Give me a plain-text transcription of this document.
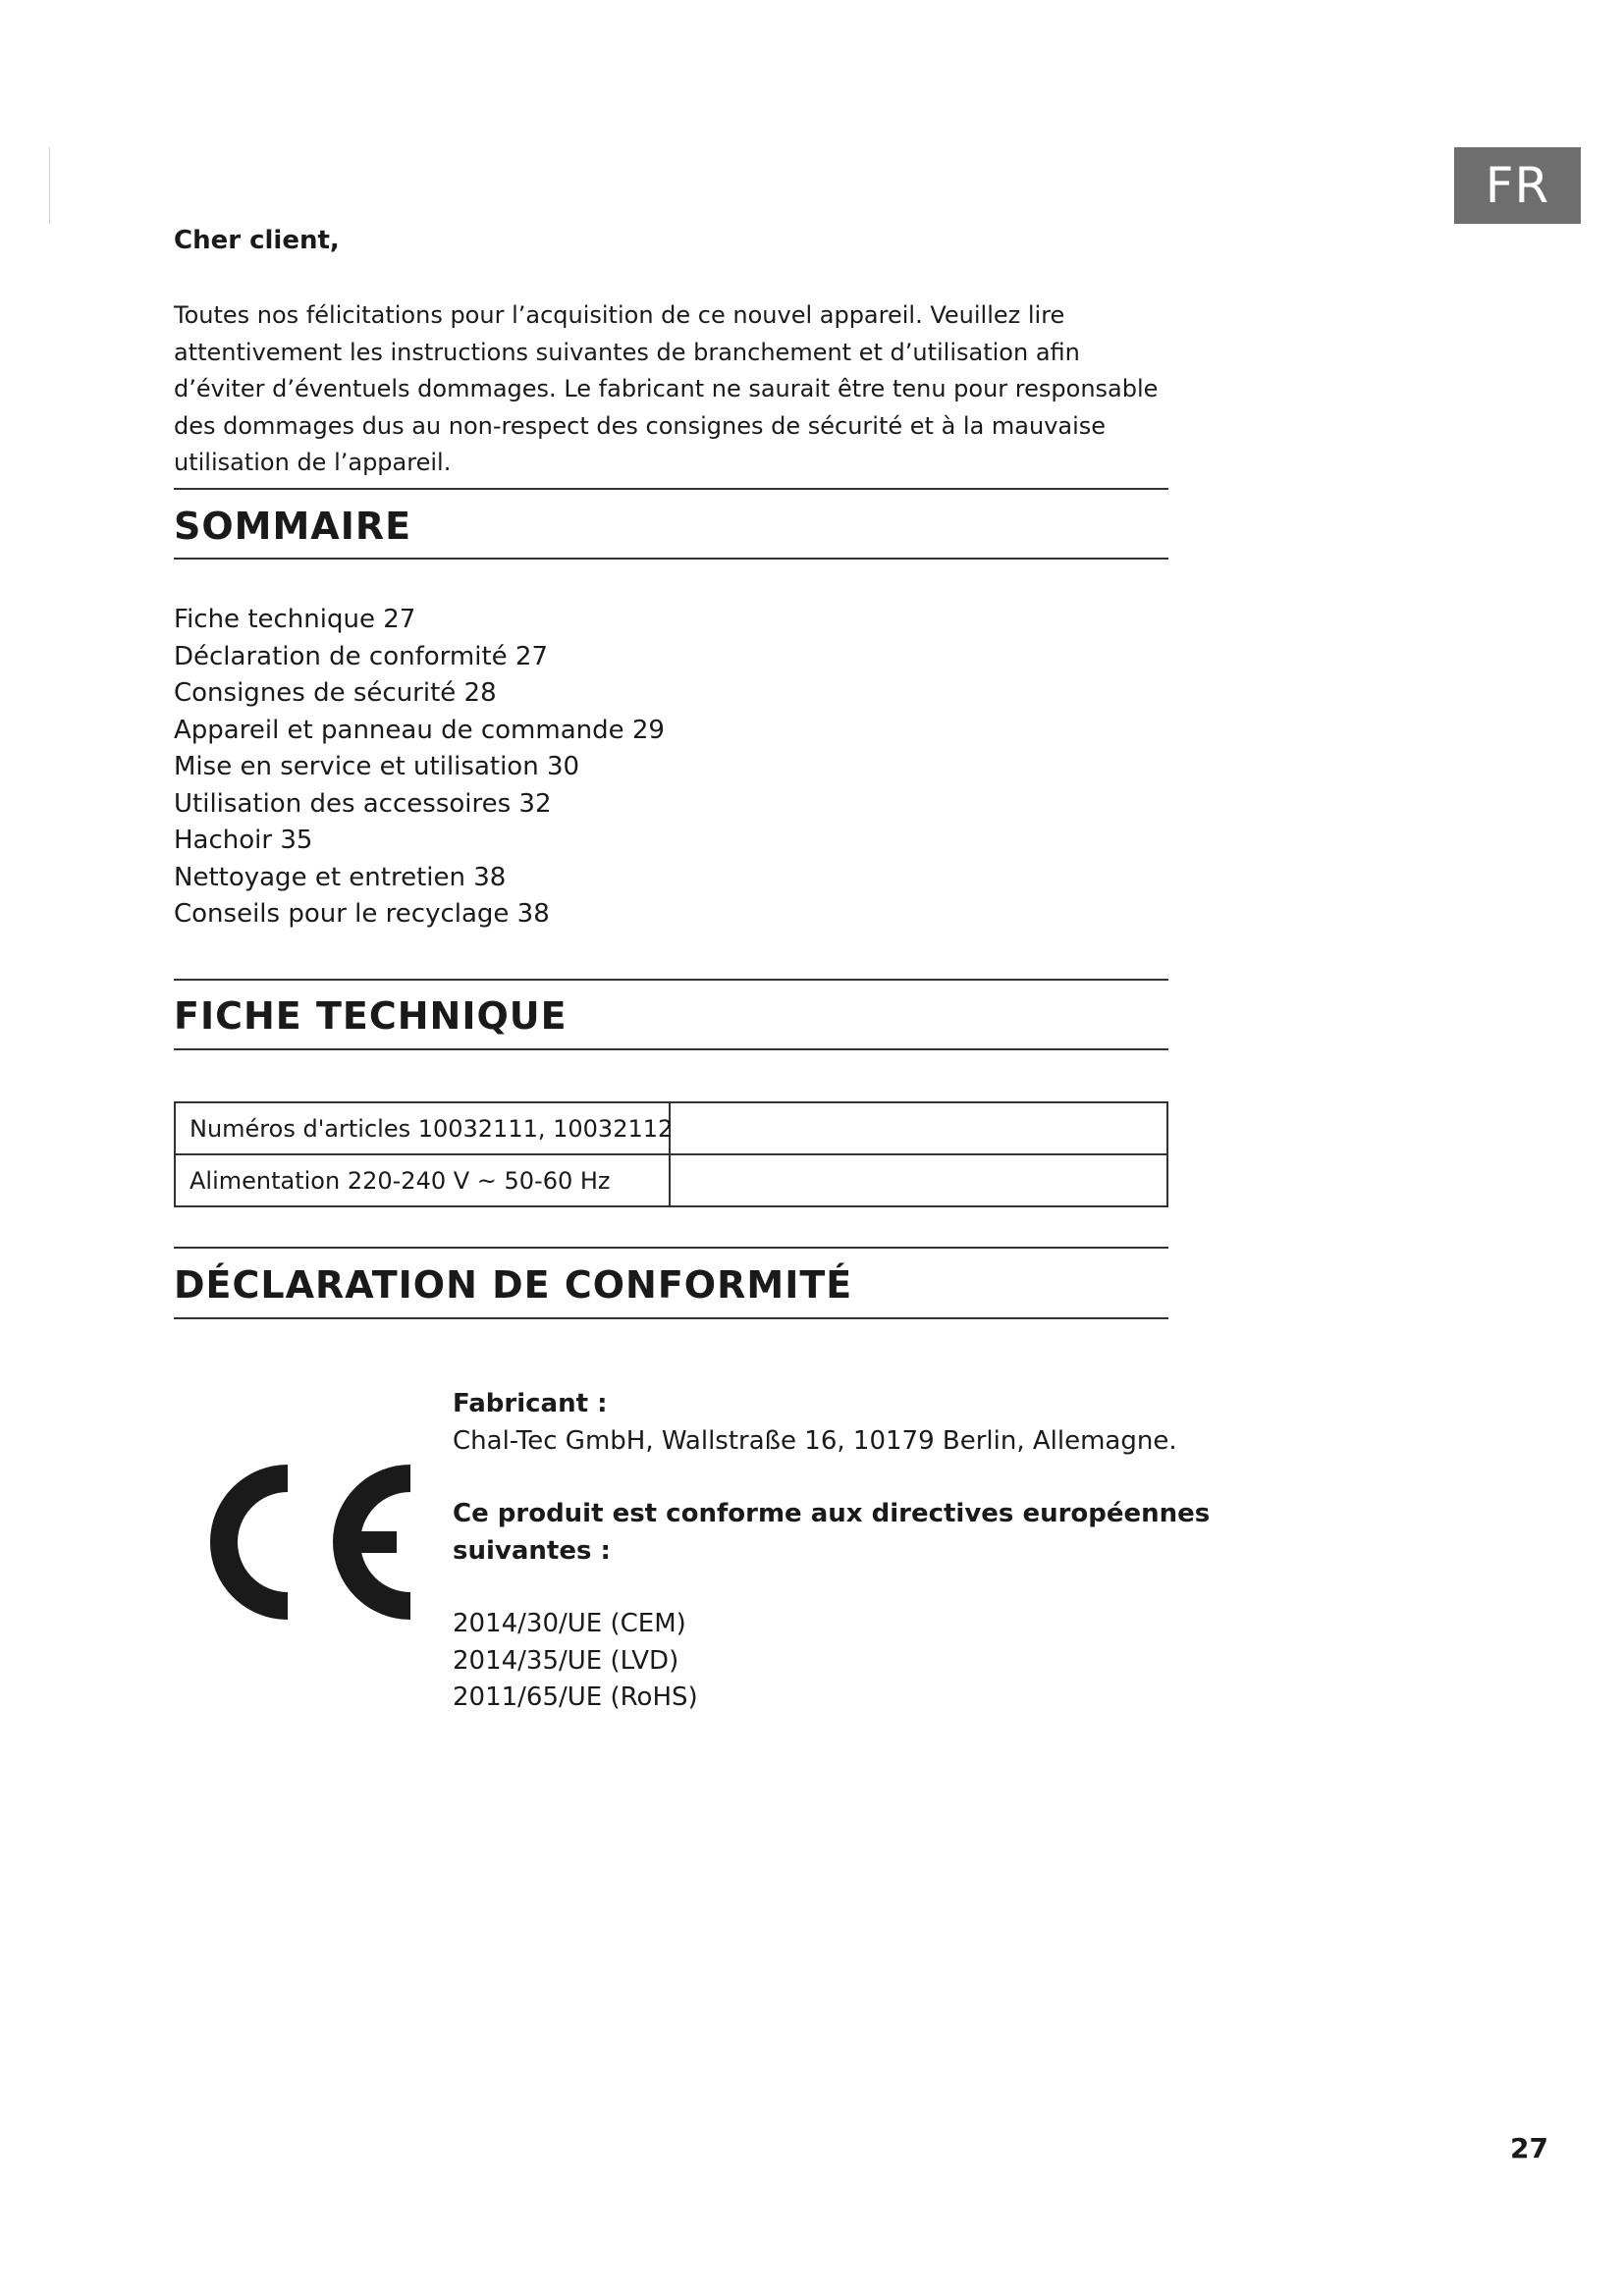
FR
Cher client,

Toutes nos félicitations pour l’acquisition de ce nouvel appareil. Veuillez lire attentivement les instructions suivantes de branchement et d’utilisation afin d’éviter d’éventuels dommages. Le fabricant ne saurait être tenu pour responsable des dommages dus au non-respect des consignes de sécurité et à la mauvaise utilisation de l’appareil.

SOMMAIRE
Fiche technique 27
Déclaration de conformité 27
Consignes de sécurité 28
Appareil et panneau de commande 29
Mise en service et utilisation 30
Utilisation des accessoires 32
Hachoir 35
Nettoyage et entretien 38
Conseils pour le recyclage 38
FICHE TECHNIQUE
Numéros d'articles 10032111, 10032112	
Alimentation 220-240 V ~ 50-60 Hz	
DÉCLARATION DE CONFORMITÉ
Fabricant :
Chal-Tec GmbH, Wallstraße 16, 10179 Berlin, Allemagne.
Ce produit est conforme aux directives européennes
suivantes :
2014/30/UE (CEM)
2014/35/UE (LVD)
2011/65/UE (RoHS)
27
